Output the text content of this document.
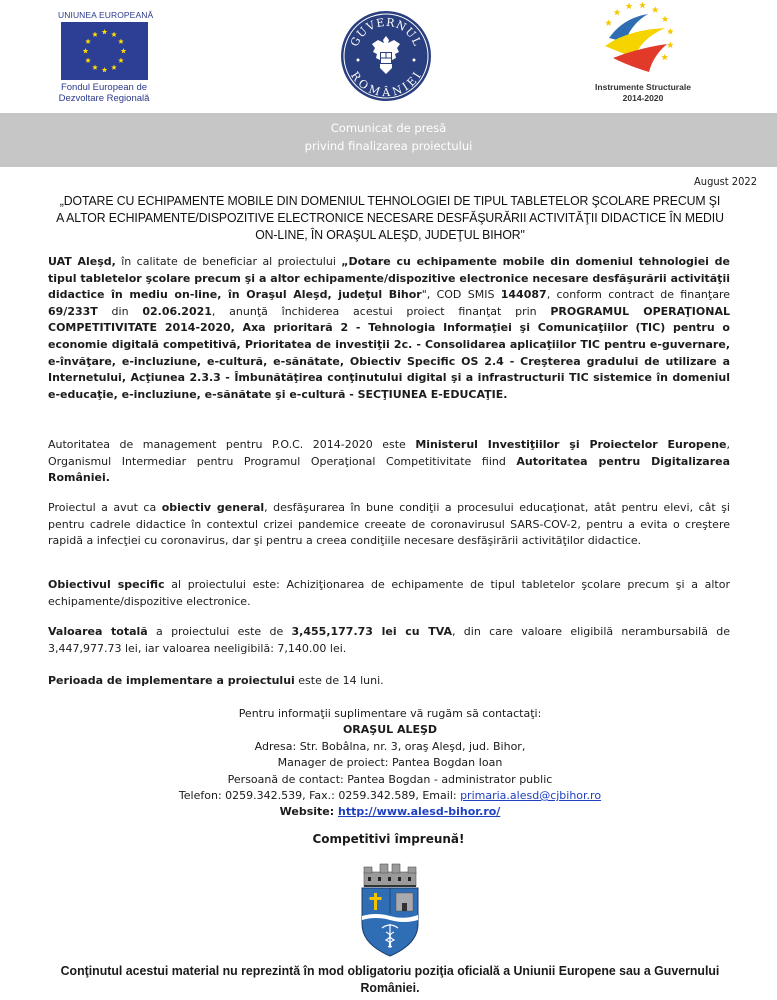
UNIUNEA EUROPEANĂ
Fondul European de
Dezvoltare Regională
GUVERNUL
ROMÂNIEI
Instrumente Structurale
2014-2020
Comunicat de presă
privind finalizarea proiectului
August 2022
„DOTARE CU ECHIPAMENTE MOBILE DIN DOMENIUL TEHNOLOGIEI DE TIPUL TABLETELOR ŞCOLARE PRECUM ŞI A ALTOR ECHIPAMENTE/DISPOZITIVE ELECTRONICE NECESARE DESFĂŞURĂRII ACTIVITĂŢII DIDACTICE ÎN MEDIU ON-LINE, ÎN ORAŞUL ALEŞD, JUDEŢUL BIHOR"
UAT Aleşd, în calitate de beneficiar al proiectului „Dotare cu echipamente mobile din domeniul tehnologiei de tipul tabletelor şcolare precum şi a altor echipamente/dispozitive electronice necesare desfăşurării activităţii didactice în mediu on-line, în Oraşul Aleşd, judeţul Bihor", COD SMIS 144087, conform contract de finanţare 69/233T din 02.06.2021, anunţă închiderea acestui proiect finanţat prin PROGRAMUL OPERAŢIONAL COMPETITIVITATE 2014-2020, Axa prioritară 2 - Tehnologia Informaţiei şi Comunicaţiilor (TIC) pentru o economie digitală competitivă, Prioritatea de investiţii 2c. - Consolidarea aplicaţiilor TIC pentru e-guvernare, e-învăţare, e-incluziune, e-cultură, e-sănătate, Obiectiv Specific OS 2.4 - Creşterea gradului de utilizare a Internetului, Acţiunea 2.3.3 - Îmbunătăţirea conţinutului digital şi a infrastructurii TIC sistemice în domeniul e-educaţie, e-incluziune, e-sănătate şi e-cultură - SECŢIUNEA E-EDUCAŢIE.
Autoritatea de management pentru P.O.C. 2014-2020 este Ministerul Investiţiilor şi Proiectelor Europene, Organismul Intermediar pentru Programul Operaţional Competitivitate fiind Autoritatea pentru Digitalizarea României.
Proiectul a avut ca obiectiv general, desfăşurarea în bune condiţii a procesului educaţionat, atât pentru elevi, cât şi pentru cadrele didactice în contextul crizei pandemice creeate de coronavirusul SARS-COV-2, pentru a evita o creştere rapidă a infecţiei cu coronavirus, dar şi pentru a creea condiţiile necesare desfăşirării activităţilor didactice.
Obiectivul specific al proiectului este: Achiziţionarea de echipamente de tipul tabletelor şcolare precum şi a altor echipamente/dispozitive electronice.
Valoarea totală a proiectului este de 3,455,177.73 lei cu TVA, din care valoare eligibilă nerambursabilă de 3,447,977.73 lei, iar valoarea neeligibilă: 7,140.00 lei.
Perioada de implementare a proiectului este de 14 luni.
Pentru informaţii suplimentare vă rugăm să contactaţi:
ORAŞUL ALEŞD
Adresa: Str. Bobâlna, nr. 3, oraş Aleşd, jud. Bihor,
Manager de proiect: Pantea Bogdan Ioan
Persoană de contact: Pantea Bogdan - administrator public
Telefon: 0259.342.539, Fax.: 0259.342.589, Email: primaria.alesd@cjbihor.ro
Website: http://www.alesd-bihor.ro/
Competitivi împreună!
Conţinutul acestui material nu reprezintă în mod obligatoriu poziţia oficială a Uniunii Europene sau a Guvernului României.
